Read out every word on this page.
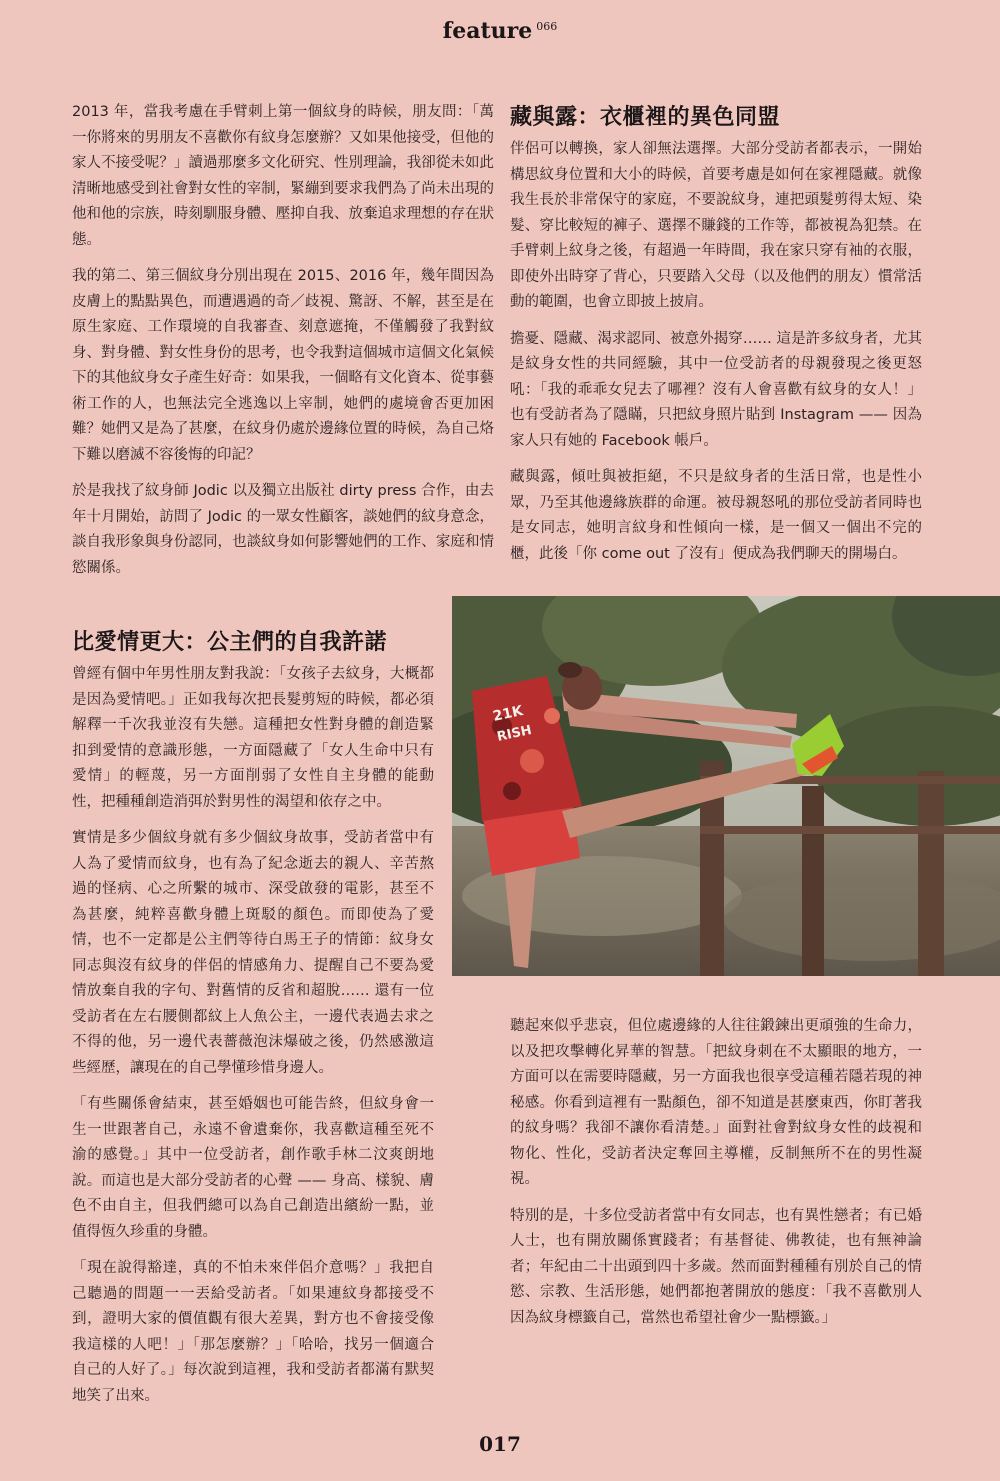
feature $^{066}$

2013 年，當我考慮在手臂刺上第一個紋身的時候，朋友問：「萬一你將來的男朋友不喜歡你有紋身怎麼辦？又如果他接受，但他的家人不接受呢？」讀過那麼多文化研究、性別理論，我卻從未如此清晰地感受到社會對女性的宰制，緊繃到要求我們為了尚未出現的他和他的宗族，時刻馴服身體、壓抑自我、放棄追求理想的存在狀態。

我的第二、第三個紋身分別出現在 2015、2016 年，幾年間因為皮膚上的點點異色，而遭遇過的奇／歧視、驚訝、不解，甚至是在原生家庭、工作環境的自我審查、刻意遮掩，不僅觸發了我對紋身、對身體、對女性身份的思考，也令我對這個城市這個文化氣候下的其他紋身女子產生好奇：如果我，一個略有文化資本、從事藝術工作的人，也無法完全逃逸以上宰制，她們的處境會否更加困難？她們又是為了甚麼，在紋身仍處於邊緣位置的時候，為自己烙下難以磨滅不容後悔的印記？

於是我找了紋身師 Jodic 以及獨立出版社 dirty press 合作，由去年十月開始，訪問了 Jodic 的一眾女性顧客，談她們的紋身意念，談自我形象與身份認同，也談紋身如何影響她們的工作、家庭和情慾關係。

藏與露：衣櫃裡的異色同盟

伴侶可以轉換，家人卻無法選擇。大部分受訪者都表示，一開始構思紋身位置和大小的時候，首要考慮是如何在家裡隱藏。就像我生長於非常保守的家庭，不要說紋身，連把頭髮剪得太短、染髮、穿比較短的褲子、選擇不賺錢的工作等，都被視為犯禁。在手臂刺上紋身之後，有超過一年時間，我在家只穿有袖的衣服，即使外出時穿了背心，只要踏入父母（以及他們的朋友）慣常活動的範圍，也會立即披上披肩。

擔憂、隱藏、渴求認同、被意外揭穿…… 這是許多紋身者，尤其是紋身女性的共同經驗，其中一位受訪者的母親發現之後更怒吼：「我的乖乖女兒去了哪裡？沒有人會喜歡有紋身的女人！」也有受訪者為了隱瞞，只把紋身照片貼到 Instagram —— 因為家人只有她的 Facebook 帳戶。

藏與露，傾吐與被拒絕，不只是紋身者的生活日常，也是性小眾，乃至其他邊緣族群的命運。被母親怒吼的那位受訪者同時也是女同志，她明言紋身和性傾向一樣，是一個又一個出不完的櫃，此後「你 come out 了沒有」便成為我們聊天的開場白。

21K
RISH
比愛情更大：公主們的自我許諾

曾經有個中年男性朋友對我說：「女孩子去紋身，大概都是因為愛情吧。」正如我每次把長髮剪短的時候，都必須解釋一千次我並沒有失戀。這種把女性對身體的創造緊扣到愛情的意識形態，一方面隱藏了「女人生命中只有愛情」的輕蔑，另一方面削弱了女性自主身體的能動性，把種種創造消弭於對男性的渴望和依存之中。

實情是多少個紋身就有多少個紋身故事，受訪者當中有人為了愛情而紋身，也有為了紀念逝去的親人、辛苦熬過的怪病、心之所繫的城市、深受啟發的電影，甚至不為甚麼，純粹喜歡身體上斑駁的顏色。而即使為了愛情，也不一定都是公主們等待白馬王子的情節：紋身女同志與沒有紋身的伴侶的情感角力、提醒自己不要為愛情放棄自我的字句、對舊情的反省和超脫…… 還有一位受訪者在左右腰側都紋上人魚公主，一邊代表過去求之不得的他，另一邊代表薔薇泡沫爆破之後，仍然感激這些經歷，讓現在的自己學懂珍惜身邊人。

「有些關係會結束，甚至婚姻也可能告終，但紋身會一生一世跟著自己，永遠不會遺棄你，我喜歡這種至死不渝的感覺。」其中一位受訪者，創作歌手林二汶爽朗地說。而這也是大部分受訪者的心聲 —— 身高、樣貌、膚色不由自主，但我們總可以為自己創造出繽紛一點，並值得恆久珍重的身體。

「現在說得豁達，真的不怕未來伴侶介意嗎？」我把自己聽過的問題一一丟給受訪者。「如果連紋身都接受不到，證明大家的價值觀有很大差異，對方也不會接受像我這樣的人吧！」「那怎麼辦？」「哈哈，找另一個適合自己的人好了。」每次說到這裡，我和受訪者都滿有默契地笑了出來。

聽起來似乎悲哀，但位處邊緣的人往往鍛鍊出更頑強的生命力，以及把攻擊轉化昇華的智慧。「把紋身刺在不太顯眼的地方，一方面可以在需要時隱藏，另一方面我也很享受這種若隱若現的神秘感。你看到這裡有一點顏色，卻不知道是甚麼東西，你盯著我的紋身嗎？我卻不讓你看清楚。」面對社會對紋身女性的歧視和物化、性化，受訪者決定奪回主導權，反制無所不在的男性凝視。

特別的是，十多位受訪者當中有女同志，也有異性戀者；有已婚人士，也有開放關係實踐者；有基督徒、佛教徒，也有無神論者；年紀由二十出頭到四十多歲。然而面對種種有別於自己的情慾、宗教、生活形態，她們都抱著開放的態度：「我不喜歡別人因為紋身標籤自己，當然也希望社會少一點標籤。」

017
